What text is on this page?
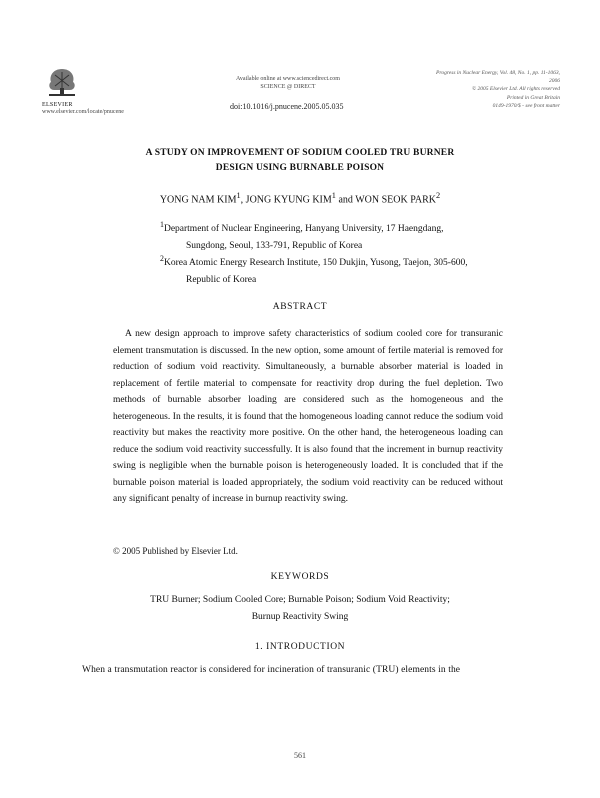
ELSEVIER
www.elsevier.com/locate/pnucene
Available online at www.sciencedirect.com
SCIENCE @ DIRECT
Progress in Nuclear Energy, Vol. 48, No. 1, pp. 11-1063, 2006
© 2005 Elsevier Ltd. All rights reserved
Printed in Great Britain
0149-1970/$ - see front matter
doi:10.1016/j.pnucene.2005.05.035
A STUDY ON IMPROVEMENT OF SODIUM COOLED TRU BURNER
DESIGN USING BURNABLE POISON
YONG NAM KIM$^1$, JONG KYUNG KIM$^1$ and WON SEOK PARK$^2$
$^1$Department of Nuclear Engineering, Hanyang University, 17 Haengdang,
Sungdong, Seoul, 133-791, Republic of Korea
$^2$Korea Atomic Energy Research Institute, 150 Dukjin, Yusong, Taejon, 305-600,
Republic of Korea
ABSTRACT
A new design approach to improve safety characteristics of sodium cooled core for transuranic element transmutation is discussed. In the new option, some amount of fertile material is removed for reduction of sodium void reactivity. Simultaneously, a burnable absorber material is loaded in replacement of fertile material to compensate for reactivity drop during the fuel depletion. Two methods of burnable absorber loading are considered such as the homogeneous and the heterogeneous. In the results, it is found that the homogeneous loading cannot reduce the sodium void reactivity but makes the reactivity more positive. On the other hand, the heterogeneous loading can reduce the sodium void reactivity successfully. It is also found that the increment in burnup reactivity swing is negligible when the burnable poison is heterogeneously loaded. It is concluded that if the burnable poison material is loaded appropriately, the sodium void reactivity can be reduced without any significant penalty of increase in burnup reactivity swing.
© 2005 Published by Elsevier Ltd.
KEYWORDS
TRU Burner; Sodium Cooled Core; Burnable Poison; Sodium Void Reactivity;
Burnup Reactivity Swing
1. INTRODUCTION
When a transmutation reactor is considered for incineration of transuranic (TRU) elements in the
561
